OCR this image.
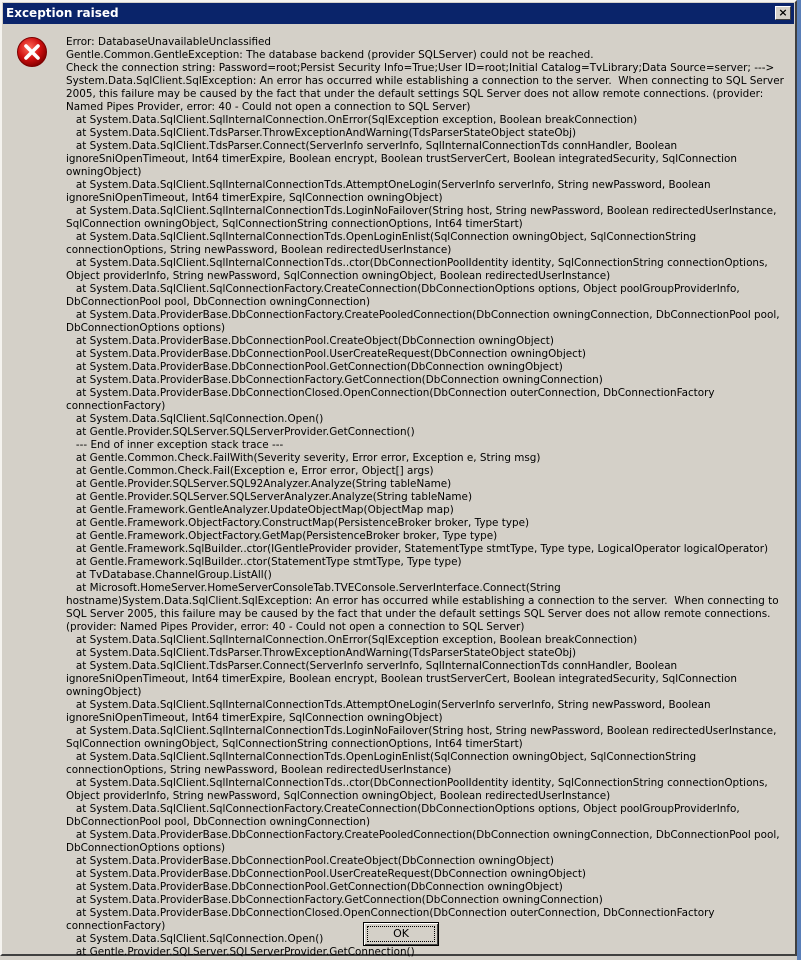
Exception raised	×
Error: DatabaseUnavailableUnclassified
Gentle.Common.GentleException: The database backend (provider SQLServer) could not be reached.
Check the connection string: Password=root;Persist Security Info=True;User ID=root;Initial Catalog=TvLibrary;Data Source=server; --->
System.Data.SqlClient.SqlException: An error has occurred while establishing a connection to the server.  When connecting to SQL Server 2005, this failure may be caused by the fact that under the default settings SQL Server does not allow remote connections. (provider: Named Pipes Provider, error: 40 - Could not open a connection to SQL Server)
at System.Data.SqlClient.SqlInternalConnection.OnError(SqlException exception, Boolean breakConnection)
at System.Data.SqlClient.TdsParser.ThrowExceptionAndWarning(TdsParserStateObject stateObj)
at System.Data.SqlClient.TdsParser.Connect(ServerInfo serverInfo, SqlInternalConnectionTds connHandler, Boolean ignoreSniOpenTimeout, Int64 timerExpire, Boolean encrypt, Boolean trustServerCert, Boolean integratedSecurity, SqlConnection owningObject)
at System.Data.SqlClient.SqlInternalConnectionTds.AttemptOneLogin(ServerInfo serverInfo, String newPassword, Boolean ignoreSniOpenTimeout, Int64 timerExpire, SqlConnection owningObject)
at System.Data.SqlClient.SqlInternalConnectionTds.LoginNoFailover(String host, String newPassword, Boolean redirectedUserInstance, SqlConnection owningObject, SqlConnectionString connectionOptions, Int64 timerStart)
at System.Data.SqlClient.SqlInternalConnectionTds.OpenLoginEnlist(SqlConnection owningObject, SqlConnectionString connectionOptions, String newPassword, Boolean redirectedUserInstance)
at System.Data.SqlClient.SqlInternalConnectionTds..ctor(DbConnectionPoolIdentity identity, SqlConnectionString connectionOptions, Object providerInfo, String newPassword, SqlConnection owningObject, Boolean redirectedUserInstance)
at System.Data.SqlClient.SqlConnectionFactory.CreateConnection(DbConnectionOptions options, Object poolGroupProviderInfo, DbConnectionPool pool, DbConnection owningConnection)
at System.Data.ProviderBase.DbConnectionFactory.CreatePooledConnection(DbConnection owningConnection, DbConnectionPool pool, DbConnectionOptions options)
at System.Data.ProviderBase.DbConnectionPool.CreateObject(DbConnection owningObject)
at System.Data.ProviderBase.DbConnectionPool.UserCreateRequest(DbConnection owningObject)
at System.Data.ProviderBase.DbConnectionPool.GetConnection(DbConnection owningObject)
at System.Data.ProviderBase.DbConnectionFactory.GetConnection(DbConnection owningConnection)
at System.Data.ProviderBase.DbConnectionClosed.OpenConnection(DbConnection outerConnection, DbConnectionFactory connectionFactory)
at System.Data.SqlClient.SqlConnection.Open()
at Gentle.Provider.SQLServer.SQLServerProvider.GetConnection()
--- End of inner exception stack trace ---
at Gentle.Common.Check.FailWith(Severity severity, Error error, Exception e, String msg)
at Gentle.Common.Check.Fail(Exception e, Error error, Object[] args)
at Gentle.Provider.SQLServer.SQL92Analyzer.Analyze(String tableName)
at Gentle.Provider.SQLServer.SQLServerAnalyzer.Analyze(String tableName)
at Gentle.Framework.GentleAnalyzer.UpdateObjectMap(ObjectMap map)
at Gentle.Framework.ObjectFactory.ConstructMap(PersistenceBroker broker, Type type)
at Gentle.Framework.ObjectFactory.GetMap(PersistenceBroker broker, Type type)
at Gentle.Framework.SqlBuilder..ctor(IGentleProvider provider, StatementType stmtType, Type type, LogicalOperator logicalOperator)
at Gentle.Framework.SqlBuilder..ctor(StatementType stmtType, Type type)
at TvDatabase.ChannelGroup.ListAll()
at Microsoft.HomeServer.HomeServerConsoleTab.TVEConsole.ServerInterface.Connect(String hostname)System.Data.SqlClient.SqlException: An error has occurred while establishing a connection to the server.  When connecting to SQL Server 2005, this failure may be caused by the fact that under the default settings SQL Server does not allow remote connections. (provider: Named Pipes Provider, error: 40 - Could not open a connection to SQL Server)
at System.Data.SqlClient.SqlInternalConnection.OnError(SqlException exception, Boolean breakConnection)
at System.Data.SqlClient.TdsParser.ThrowExceptionAndWarning(TdsParserStateObject stateObj)
at System.Data.SqlClient.TdsParser.Connect(ServerInfo serverInfo, SqlInternalConnectionTds connHandler, Boolean ignoreSniOpenTimeout, Int64 timerExpire, Boolean encrypt, Boolean trustServerCert, Boolean integratedSecurity, SqlConnection owningObject)
at System.Data.SqlClient.SqlInternalConnectionTds.AttemptOneLogin(ServerInfo serverInfo, String newPassword, Boolean ignoreSniOpenTimeout, Int64 timerExpire, SqlConnection owningObject)
at System.Data.SqlClient.SqlInternalConnectionTds.LoginNoFailover(String host, String newPassword, Boolean redirectedUserInstance, SqlConnection owningObject, SqlConnectionString connectionOptions, Int64 timerStart)
at System.Data.SqlClient.SqlInternalConnectionTds.OpenLoginEnlist(SqlConnection owningObject, SqlConnectionString connectionOptions, String newPassword, Boolean redirectedUserInstance)
at System.Data.SqlClient.SqlInternalConnectionTds..ctor(DbConnectionPoolIdentity identity, SqlConnectionString connectionOptions, Object providerInfo, String newPassword, SqlConnection owningObject, Boolean redirectedUserInstance)
at System.Data.SqlClient.SqlConnectionFactory.CreateConnection(DbConnectionOptions options, Object poolGroupProviderInfo, DbConnectionPool pool, DbConnection owningConnection)
at System.Data.ProviderBase.DbConnectionFactory.CreatePooledConnection(DbConnection owningConnection, DbConnectionPool pool, DbConnectionOptions options)
at System.Data.ProviderBase.DbConnectionPool.CreateObject(DbConnection owningObject)
at System.Data.ProviderBase.DbConnectionPool.UserCreateRequest(DbConnection owningObject)
at System.Data.ProviderBase.DbConnectionPool.GetConnection(DbConnection owningObject)
at System.Data.ProviderBase.DbConnectionFactory.GetConnection(DbConnection owningConnection)
at System.Data.ProviderBase.DbConnectionClosed.OpenConnection(DbConnection outerConnection, DbConnectionFactory connectionFactory)
at System.Data.SqlClient.SqlConnection.Open()
at Gentle.Provider.SQLServer.SQLServerProvider.GetConnection()
OK
